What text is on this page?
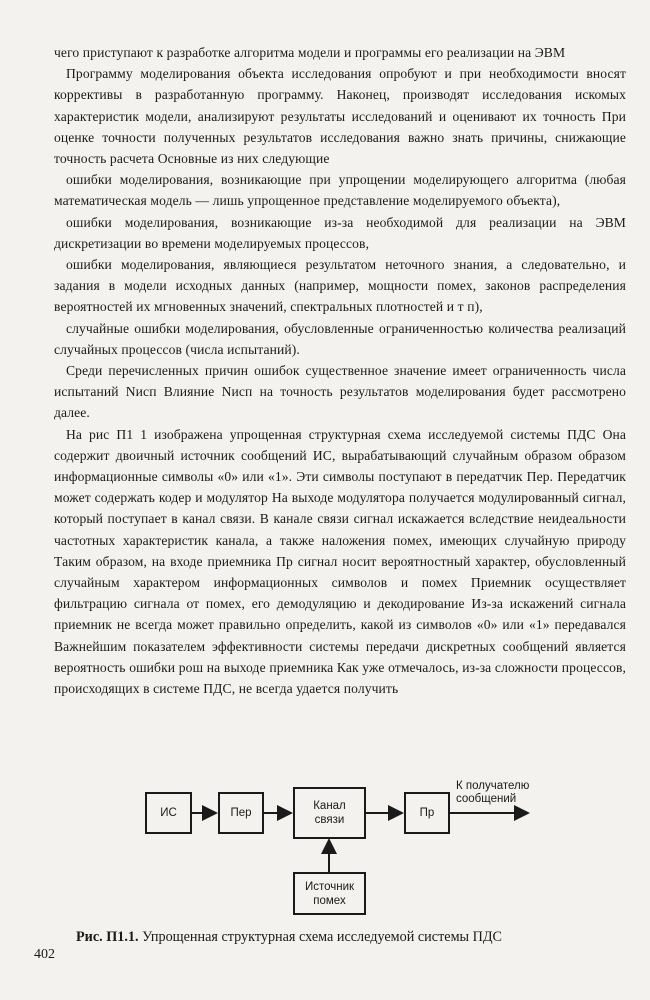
чего приступают к разработке алгоритма модели и программы его реализации на ЭВМ

Программу моделирования объекта исследования опробуют и при необходимости вносят коррективы в разработанную программу. Наконец, производят исследования искомых характеристик модели, анализируют результаты исследований и оценивают их точность При оценке точности полученных результатов исследования важно знать причины, снижающие точность расчета Основные из них следующие

ошибки моделирования, возникающие при упрощении моделирующего алгоритма (любая математическая модель — лишь упрощенное представление моделируемого объекта),

ошибки моделирования, возникающие из-за необходимой для реализации на ЭВМ дискретизации во времени моделируемых процессов,

ошибки моделирования, являющиеся результатом неточного знания, а следовательно, и задания в модели исходных данных (например, мощности помех, законов распределения вероятностей их мгновенных значений, спектральных плотностей и т п),

случайные ошибки моделирования, обусловленные ограниченностью количества реализаций случайных процессов (числа испытаний).

Среди перечисленных причин ошибок существенное значение имеет ограниченность числа испытаний Nисп Влияние Nисп на точность результатов моделирования будет рассмотрено далее.

На рис П1 1 изображена упрощенная структурная схема исследуемой системы ПДС Она содержит двоичный источник сообщений ИС, вырабатывающий случайным образом образом информационные символы «0» или «1». Эти символы поступают в передатчик Пер. Передатчик может содержать кодер и модулятор На выходе модулятора получается модулированный сигнал, который поступает в канал связи. В канале связи сигнал искажается вследствие неидеальности частотных характеристик канала, а также наложения помех, имеющих случайную природу Таким образом, на входе приемника Пр сигнал носит вероятностный характер, обусловленный случайным характером информационных символов и помех Приемник осуществляет фильтрацию сигнала от помех, его демодуляцию и декодирование Из-за искажений сигнала приемник не всегда может правильно определить, какой из символов «0» или «1» передавался Важнейшим показателем эффективности системы передачи дискретных сообщений является вероятность ошибки pош на выходе приемника Как уже отмечалось, из-за сложности процессов, происходящих в системе ПДС, не всегда удается получить

ИС	Пер
Канал
связи
Пр
Источник
помех
К получателю
сообщений
Рис. П1.1. Упрощенная структурная схема исследуемой системы ПДС
402
